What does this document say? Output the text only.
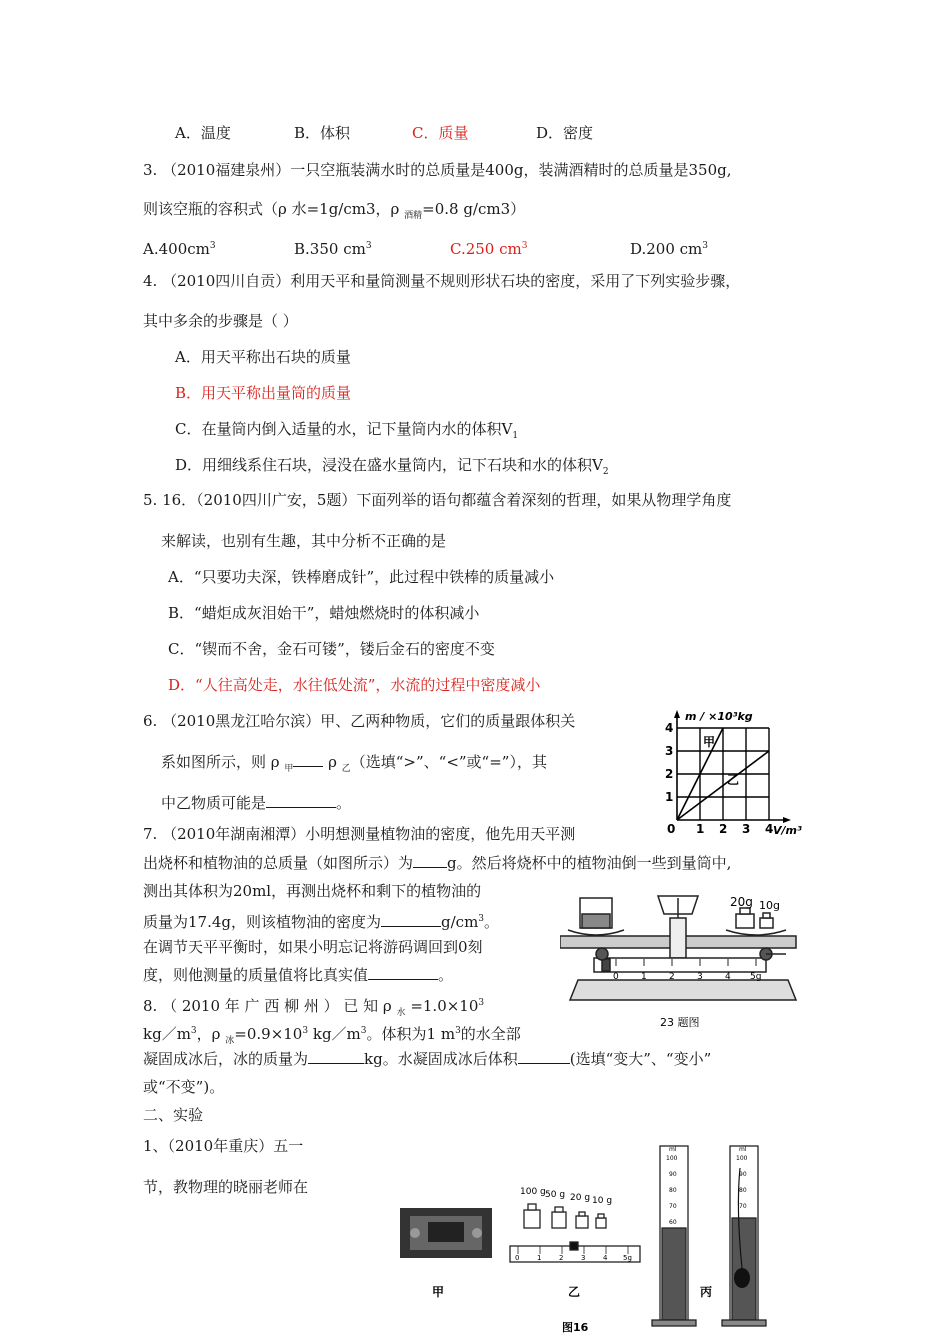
A．温度	B．体积	C．质量	D．密度
3. （2010福建泉州）一只空瓶装满水时的总质量是400g，装满酒精时的总质量是350g,
则该空瓶的容积式（ρ 水=1g/cm3，ρ $_{酒精}$=0.8 g/cm3）
$A.400cm^3$	B.350 $cm^3$	C.250 $cm^3$	D.200 $cm^3$
4. （2010四川自贡）利用天平和量筒测量不规则形状石块的密度，采用了下列实验步骤，
其中多余的步骤是（ ）
A．用天平称出石块的质量
B．用天平称出量筒的质量
C．在量筒内倒入适量的水，记下量筒内水的体积$V_1$
D．用细线系住石块，浸没在盛水量筒内，记下石块和水的体积$V_2$
5. 16．（2010四川广安，5题）下面列举的语句都蕴含着深刻的哲理，如果从物理学角度
来解读，也别有生趣，其中分析不正确的是
A．“只要功夫深，铁棒磨成针”，此过程中铁棒的质量减小
B．“蜡炬成灰泪始干”，蜡烛燃烧时的体积减小
C．“锲而不舍，金石可镂”，镂后金石的密度不变
D．“人往高处走，水往低处流”，水流的过程中密度减小
6. （2010黑龙江哈尔滨）甲、乙两种物质，它们的质量跟体积关
系如图所示，则 ρ $_甲$ ρ $_乙$（选填“>”、“<”或“=”），其
中乙物质可能是	。
m / ×10³kg
V/m³
0 1 2 3 4
1
2
3
4
甲
乙
7. （2010年湖南湘潭）小明想测量植物油的密度，他先用天平测
出烧杯和植物油的总质量（如图所示）为 g。然后将烧杯中的植物油倒一些到量筒中,
测出其体积为20ml，再测出烧杯和剩下的植物油的
质量为17.4g，则该植物油的密度为	$g/cm^3$。
在调节天平平衡时，如果小明忘记将游码调回到0刻
度，则他测量的质量值将比真实值	。
20g 10g
0 1 2 3 4 5g
23 题图
8. （ 2010 年 广 西 柳 州 ） 已 知 ρ $_水 =1.0\times 10^3$
$kg/m^3$，ρ $_冰=0.9\times 10^3$ $kg/m^3$。体积为1 $m^3$的水全部
凝固成冰后，冰的质量为	kg。水凝固成冰后体积	(选填“变大”、“变小”
或“不变”)。
二、实验
1、（2010年重庆）五一
节，教物理的晓丽老师在	100 g 50 g 20 g 10 g
0	1	2	3	4 5g
ml
100
90
80
70
60
ml
100
90
80
70
甲	乙	丙
图16
